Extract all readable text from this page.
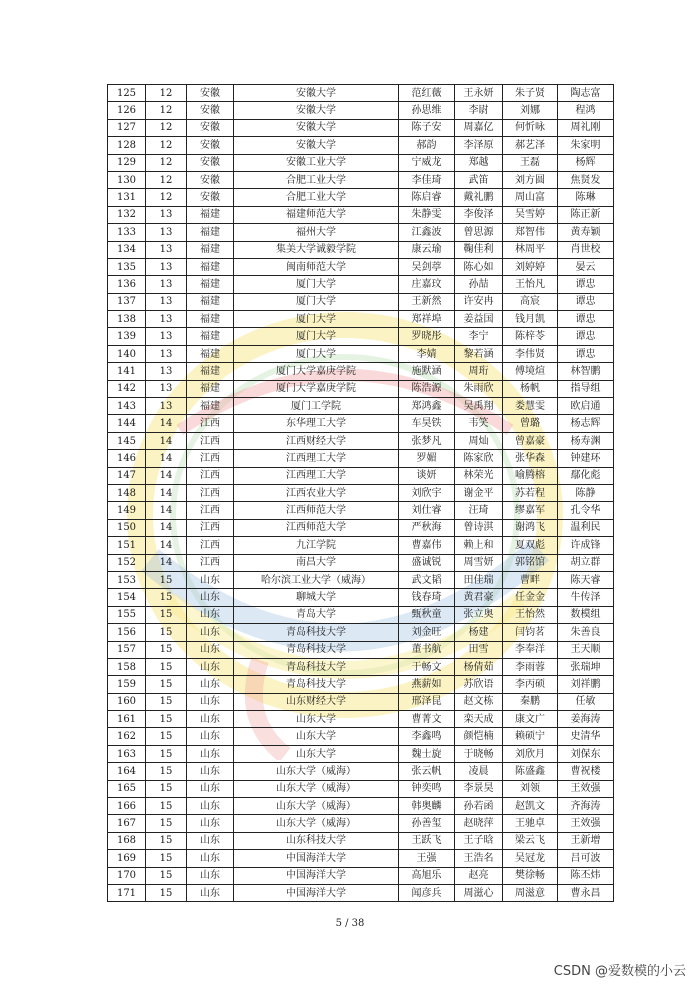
125	12	安徽	安徽大学	范红薇	王永妍	朱子贤	陶志富
126	12	安徽	安徽大学	孙思维	李尉	刘娜	程鸿
127	12	安徽	安徽大学	陈子安	周嘉亿	何忻咏	周礼刚
128	12	安徽	安徽大学	郝韵	李泽原	郝艺泽	朱家明
129	12	安徽	安徽工业大学	宁威龙	郑越	王磊	杨辉
130	12	安徽	合肥工业大学	李佳琦	武笛	刘方圆	焦贤发
131	12	安徽	合肥工业大学	陈启睿	戴礼鹏	周山富	陈琳
132	13	福建	福建师范大学	朱静雯	李俊泽	吴雪婷	陈正新
133	13	福建	福州大学	江鑫波	曾思源	郑智伟	黄寿颖
134	13	福建	集美大学诚毅学院	康云瑜	鞠佳利	林周平	肖世校
135	13	福建	闽南师范大学	吴剑葶	陈心如	刘婷婷	晏云
136	13	福建	厦门大学	庄嘉玟	孙喆	王怡凡	谭忠
137	13	福建	厦门大学	王新然	许安冉	高宸	谭忠
138	13	福建	厦门大学	郑祥埠	姜益国	钱月凯	谭忠
139	13	福建	厦门大学	罗晓彤	李宁	陈梓苓	谭忠
140	13	福建	厦门大学	李婧	黎若涵	李伟贤	谭忠
141	13	福建	厦门大学嘉庚学院	施默涵	周珩	傅境煊	林智鹏
142	13	福建	厦门大学嘉庚学院	陈浩源	朱雨欣	杨帆	指导组
143	13	福建	厦门工学院	郑鸿鑫	吴禹翔	娄慧雯	欧启通
144	14	江西	东华理工大学	车昊铁	韦笑	曾璐	杨志辉
145	14	江西	江西财经大学	张梦凡	周灿	曾嘉豪	杨寿渊
146	14	江西	江西理工大学	罗媚	陈家欣	张华森	钟建环
147	14	江西	江西理工大学	谈妍	林荣光	喻腾榕	鄢化彪
148	14	江西	江西农业大学	刘欣宇	谢金平	苏若程	陈静
149	14	江西	江西师范大学	刘仕睿	汪琦	缪嘉军	孔令华
150	14	江西	江西师范大学	严秋海	曾诗淇	谢鸿飞	温利民
151	14	江西	九江学院	曹嘉伟	赖上和	夏双彪	许成锋
152	14	江西	南昌大学	盛诚锐	周雪妍	郭铭馆	胡立群
153	15	山东	哈尔滨工业大学（威海）	武文韬	田佳瑞	曹畔	陈天睿
154	15	山东	聊城大学	钱春琦	黄君豪	任金金	牛传泽
155	15	山东	青岛大学	甄秋童	张立奥	王怡然	数模组
156	15	山东	青岛科技大学	刘金旺	杨建	闫钧茗	朱善良
157	15	山东	青岛科技大学	董书航	田雪	李奉洋	王天顺
158	15	山东	青岛科技大学	于畅文	杨倩茹	李雨蓉	张瑞坤
159	15	山东	青岛科技大学	燕薪如	苏欣语	李丙硕	刘祥鹏
160	15	山东	山东财经大学	邢泽昆	赵文栋	秦鹏	任敏
161	15	山东	山东大学	曹菁文	栾天成	康文广	姜海涛
162	15	山东	山东大学	李鑫鸣	颜恺楠	赖硕宁	史清华
163	15	山东	山东大学	魏士旋	于晓畅	刘欣月	刘保东
164	15	山东	山东大学（威海）	张云帆	凌晨	陈盛鑫	曹祝楼
165	15	山东	山东大学（威海）	钟奕鸣	李景昊	刘领	王效强
166	15	山东	山东大学（威海）	韩奥麟	孙若函	赵凯文	齐海涛
167	15	山东	山东大学（威海）	孙善玺	赵晓萍	王驰卓	王效强
168	15	山东	山东科技大学	王跃飞	王子晗	梁云飞	王新增
169	15	山东	中国海洋大学	王强	王浩名	吴冠龙	吕可波
170	15	山东	中国海洋大学	高旭乐	赵亮	樊徐畅	陈丕炜
171	15	山东	中国海洋大学	闻彦兵	周滋心	周滋意	曹永昌
5 / 38
CSDN @爱数模的小云
